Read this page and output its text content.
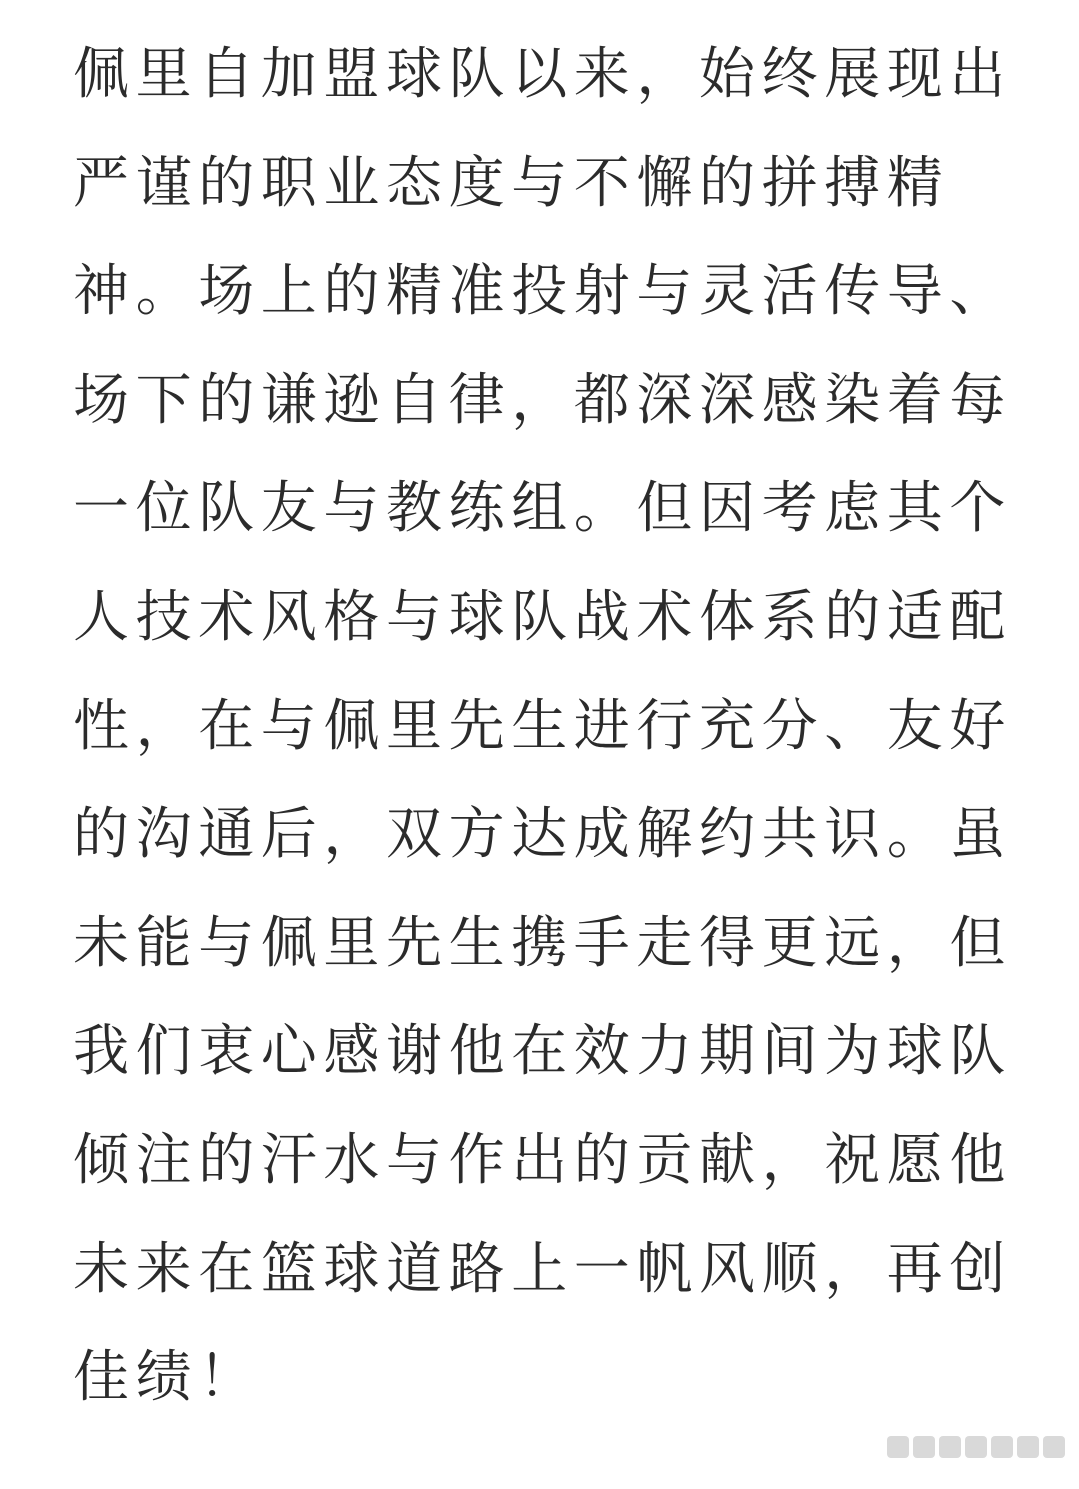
佩里自加盟球队以来，始终展现出
严谨的职业态度与不懈的拼搏精
神。场上的精准投射与灵活传导、
场下的谦逊自律，都深深感染着每
一位队友与教练组。但因考虑其个
人技术风格与球队战术体系的适配
性，在与佩里先生进行充分、友好
的沟通后，双方达成解约共识。虽
未能与佩里先生携手走得更远，但
我们衷心感谢他在效力期间为球队
倾注的汗水与作出的贡献，祝愿他
未来在篮球道路上一帆风顺，再创
佳绩！
